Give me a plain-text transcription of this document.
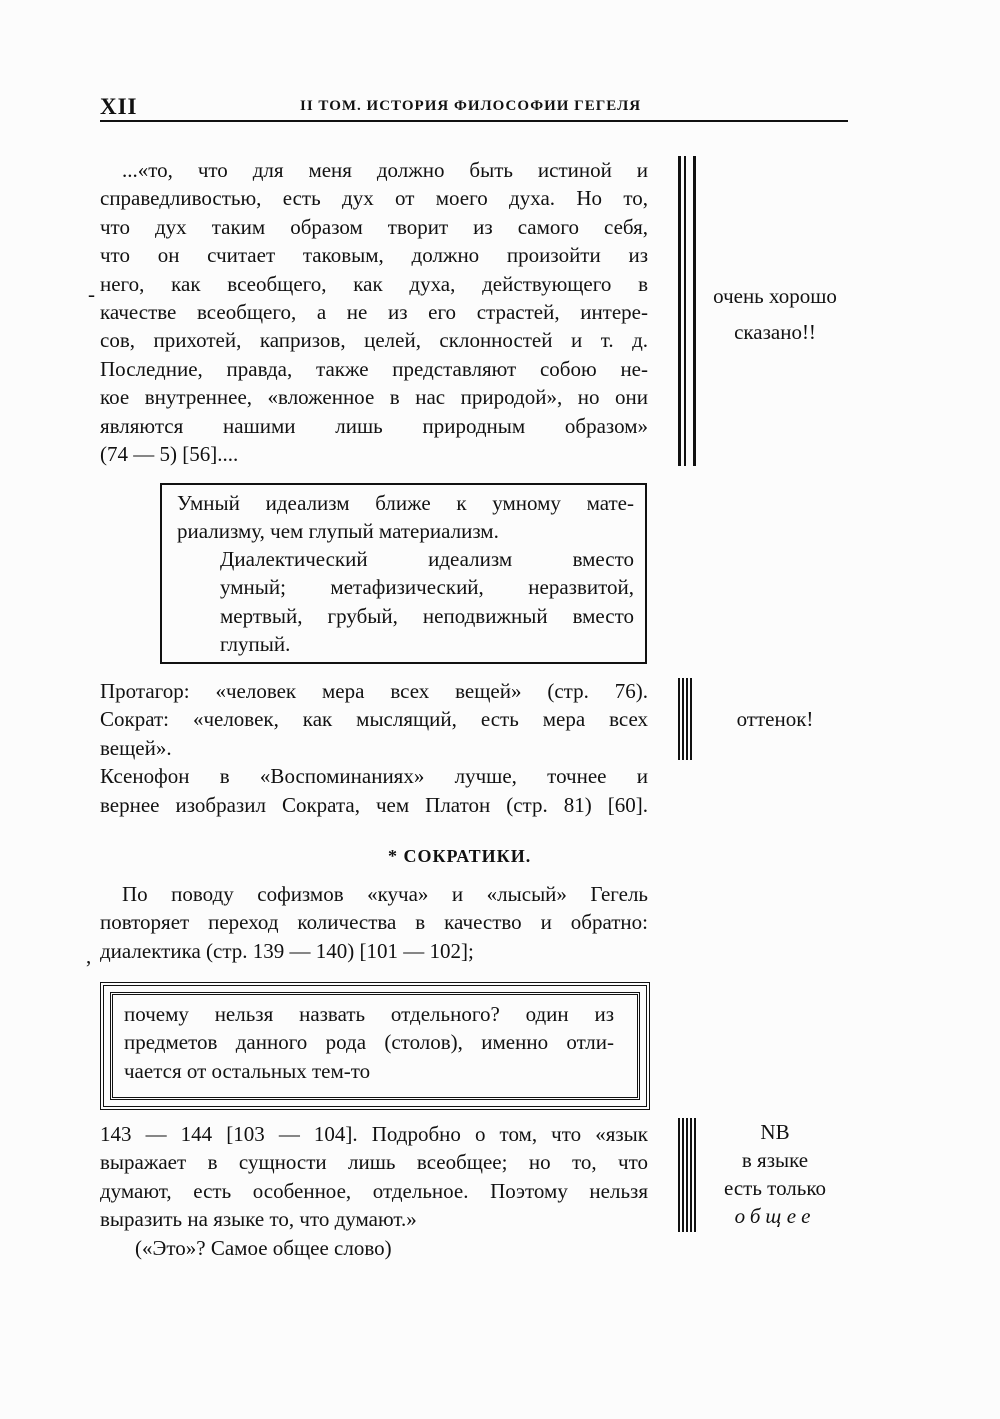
XII	II ТОМ. ИСТОРИЯ ФИЛОСОФИИ ГЕГЕЛЯ
...«то, что для меня должно быть истиной и
справедливостью, есть дух от моего духа. Но то,
что дух таким образом творит из самого себя,
что он считает таковым, должно произойти из
него, как всеобщего, как духа, действующего в
качестве всеобщего, а не из его страстей, интере-
сов, прихотей, капризов, целей, склонностей и т. д.
Последние, правда, также представляют собою не-
кое внутреннее, «вложенное в нас природой», но они
являются нашими лишь природным образом»
(74 — 5) [56]....
-	очень хорошо
сказано!!
Умный идеализм ближе к умному мате-
риализму, чем глупый материализм.
Диалектический идеализм вместо
умный; метафизический, неразвитой,
мертвый, грубый, неподвижный вместо
глупый.
Протагор: «человек мера всех вещей» (стр. 76).
Сократ: «человек, как мыслящий, есть мера всех
вещей».
Ксенофон в «Воспоминаниях» лучше, точнее и
вернее изобразил Сократа, чем Платон (стр. 81) [60].
оттенок!
* СОКРАТИКИ.
По поводу софизмов «куча» и «лысый» Гегель
повторяет переход количества в качество и обратно:
диалектика (стр. 139 — 140) [101 — 102];
,
почему нельзя назвать отдельного? один из
предметов данного рода (столов), именно отли-
чается от остальных тем-то
143 — 144 [103 — 104]. Подробно о том, что «язык
выражает в сущности лишь всеобщее; но то, что
думают, есть особенное, отдельное. Поэтому нельзя
выразить на языке то, что думают.»
(«Это»? Самое общее слово)
NB
в языке
есть только
общее
